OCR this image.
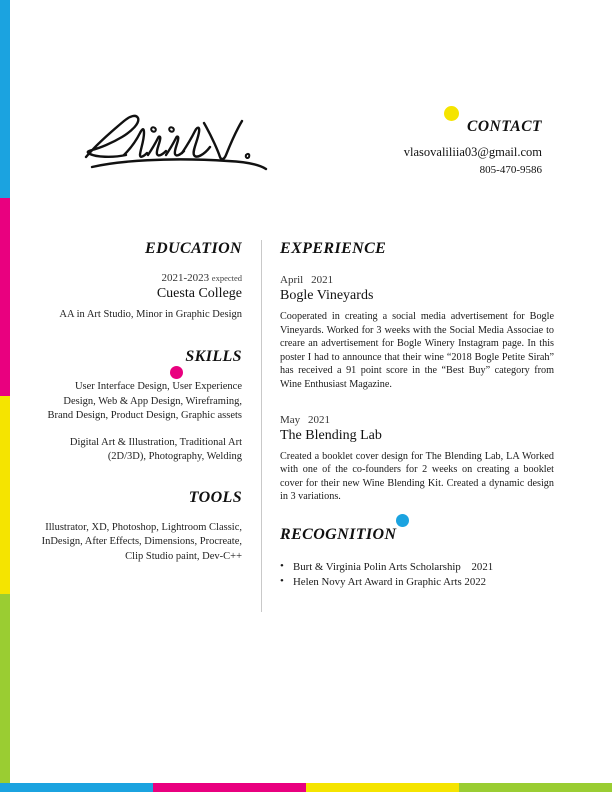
CONTACT

vlasovaliliia03@gmail.com

805-470-9586

EDUCATION

2021-2023 expected

Cuesta College

AA in Art Studio, Minor in Graphic Design

SKILLS

User Interface Design, User Experience Design, Web & App Design, Wireframing, Brand Design, Product Design, Graphic assets

Digital Art & Illustration, Traditional Art (2D/3D), Photography, Welding

TOOLS

Illustrator, XD, Photoshop, Lightroom Classic, InDesign, After Effects, Dimensions, Procreate, Clip Studio paint, Dev-C++

EXPERIENCE

April 2021

Bogle Vineyards

Cooperated in creating a social media advertisement for Bogle Vineyards. Worked for 3 weeks with the Social Media Associae to creare an advertisement for Bogle Winery Instagram page. In this poster I had to announce that their wine “2018 Bogle Petite Sirah” has received a 91 point score in the “Best Buy” category from Wine Enthusiast Magazine.

May 2021

The Blending Lab

Created a booklet cover design for The Blending Lab, LA Worked with one of the co-founders for 2 weeks on creating a booklet cover for their new Wine Blending Kit. Created a dynamic design in 3 variations.

RECOGNITION

• Burt & Virginia Polin Arts Scholarship 2021
• Helen Novy Art Award in Graphic Arts 2022
